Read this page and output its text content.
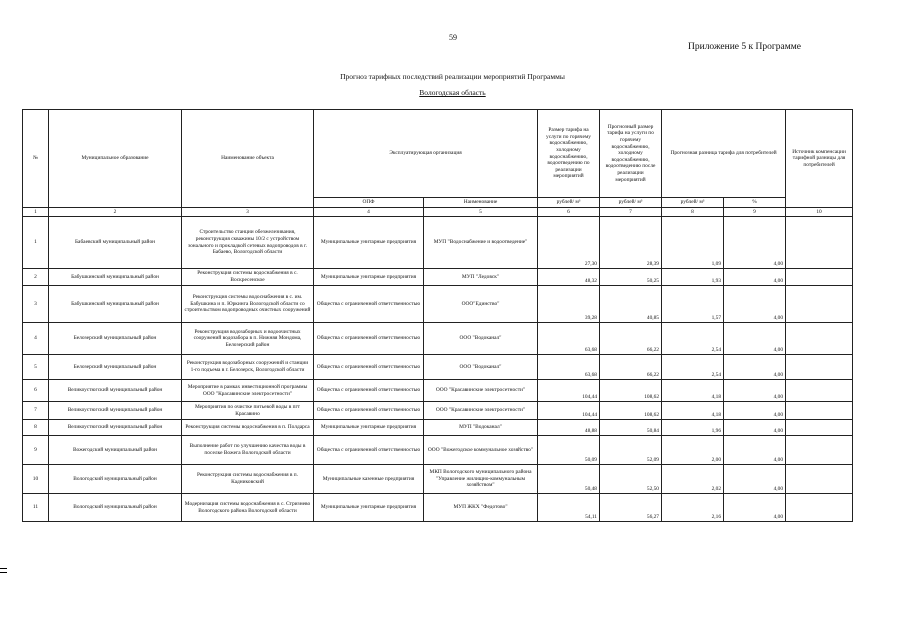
59
Приложение 5 к Программе
Прогноз тарифных последствий реализации мероприятий Программы
Вологодская область
№	Муниципальное образование	Наименование объекта	Эксплуатирующая организация		Размер тарифа на услуги по горячему водоснабжению, холодному водоснабжению, водоотведению по реализации мероприятий	Прогнозный размер тарифа на услуги по горячему водоснабжению, холодному водоснабжению, водоотведению после реализации мероприятий	Прогнозная разница тарифа для потребителей		Источник компенсации тарифной разницы для потребителей
			ОПФ	Наименование	рублей/ м³	рублей/ м³	рублей/ м³	%	
1	2	3	4	5	6	7	8	9	10
1	Бабаевский муниципальный район	Строительство станции обезжелезивания, реконструкция скважины 10/2 с устройством зонального и прокладкой сетевых водопроводов в г. Бабаево, Вологодской области	Муниципальные унитарные предприятия	МУП "Водоснабжение и водоотведение"	27,30	28,39	1,09	4,00	
2	Бабушкинский муниципальный район	Реконструкция системы водоснабжения в с. Воскресенское	Муниципальные унитарные предприятия	МУП "Ледовск"	48,32	50,25	1,93	4,00	
3	Бабушкинский муниципальный район	Реконструкция системы водоснабжения в с. им. Бабушкина и п. Юркинга Вологодской области со строительством водопроводных очистных сооружений	Общества с ограниченной ответственностью	ООО"Единство"	39,28	40,85	1,57	4,00	
4	Белозерский муниципальный район	Реконструкция водозаборных и водоочистных сооружений водозабора в п. Нижняя Мондома, Белозерский район	Общества с ограниченной ответственностью	ООО "Водоканал"	63,68	66,22	2,54	4,00	
5	Белозерский муниципальный район	Реконструкция водозаборных сооружений и станции 1-го подъема в г. Белозерск, Вологодской области	Общества с ограниченной ответственностью	ООО "Водоканал"	63,68	66,22	2,54	4,00	
6	Великоустюгский муниципальный район	Мероприятие в рамках инвестиционной программы ООО "Красавинские электросетности"	Общества с ограниченной ответственностью	ООО "Красавинские электросетности"	104,44	108,62	4,18	4,00	
7	Великоустюгский муниципальный район	Мероприятия по очистке питьевой воды в пгт Красавино	Общества с ограниченной ответственностью	ООО "Красавинские электросетности"	104,44	108,62	4,18	4,00	
8	Великоустюгский муниципальный район	Реконструкция системы водоснабжения в п. Полдарса	Муниципальные унитарные предприятия	МУП "Водоканал"	48,88	50,84	1,96	4,00	
9	Вожегодский муниципальный район	Выполнение работ по улучшению качества воды в поселке Вожега Вологодской области	Общества с ограниченной ответственностью	ООО "Вожегодское коммунальное хозяйство"	50,09	52,09	2,00	4,00	
10	Вологодский муниципальный район	Реконструкция системы водоснабжения в п. Кадниковский	Муниципальные казенные предприятия	МКП Вологодского муниципального района "Управление жилищно-коммунальным хозяйством"	50,48	52,50	2,02	4,00	
11	Вологодский муниципальный район	Модернизация системы водоснабжения в с. Стризнево Вологодского района Вологодской области	Муниципальные унитарные предприятия	МУП ЖКХ "Федотово"	54,11	56,27	2,16	4,00	
